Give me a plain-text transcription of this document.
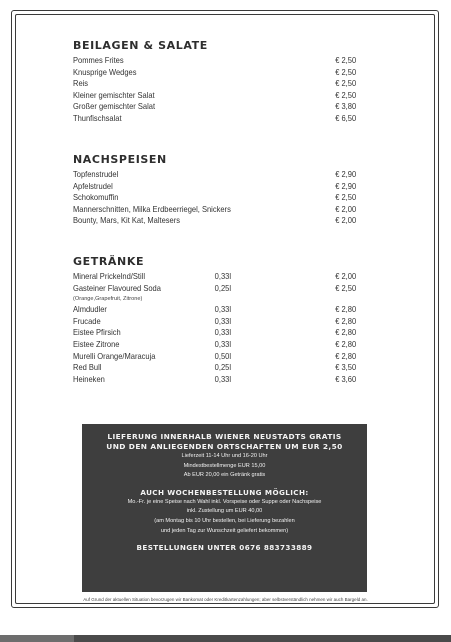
BEILAGEN & SALATE
Pommes Frites	€ 2,50
Knusprige Wedges	€ 2,50
Reis	€ 2,50
Kleiner gemischter Salat	€ 2,50
Großer gemischter Salat	€ 3,80
Thunfischsalat	€ 6,50
NACHSPEISEN
Topfenstrudel	€ 2,90
Apfelstrudel	€ 2,90
Schokomuffin	€ 2,50
Mannerschnitten, Milka Erdbeerriegel, Snickers	€ 2,00
Bounty, Mars, Kit Kat, Maltesers	€ 2,00
GETRÄNKE
Mineral Prickelnd/Still	0,33l	€ 2,00
Gasteiner Flavoured Soda	0,25l	€ 2,50
(Orange,Grapefruit, Zitrone)
Almdudler	0,33l	€ 2,80
Frucade	0,33l	€ 2,80
Eistee Pfirsich	0,33l	€ 2,80
Eistee Zitrone	0,33l	€ 2,80
Murelli Orange/Maracuja	0,50l	€ 2,80
Red Bull	0,25l	€ 3,50
Heineken	0,33l	€ 3,60
LIEFERUNG INNERHALB WIENER NEUSTADTS GRATIS
UND DEN ANLIEGENDEN ORTSCHAFTEN UM EUR 2,50
Lieferzeit 11-14 Uhr und 16-20 Uhr
Mindestbestellmenge EUR 15,00
Ab EUR 20,00 ein Getränk gratis
AUCH WOCHENBESTELLUNG MÖGLICH:
Mo.-Fr. je eine Speise nach Wahl inkl. Vorspeise oder Suppe oder Nachspeise
inkl. Zustellung um EUR 40,00
(am Montag bis 10 Uhr bestellen, bei Lieferung bezahlen
und jeden Tag zur Wunschzeit geliefert bekommen)
BESTELLUNGEN UNTER 0676 883733889
Auf Grund der aktuellen Situation bevorzugen wir Bankomat oder Kreditkartenzahlungen; aber selbstverständlich nehmen wir auch Bargeld an.
